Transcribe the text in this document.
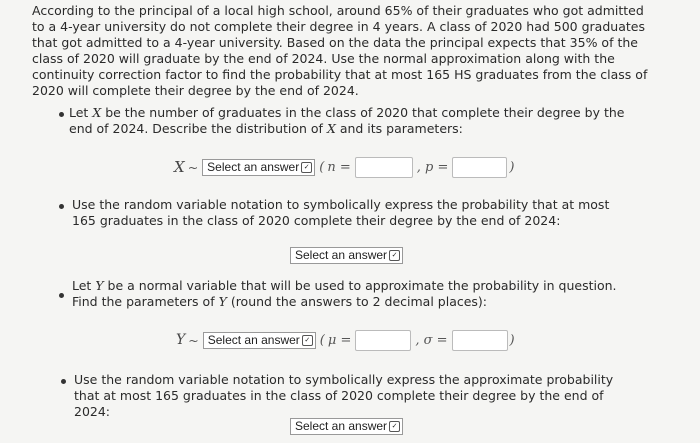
According to the principal of a local high school, around 65% of their graduates who got admitted to a 4-year university do not complete their degree in 4 years. A class of 2020 had 500 graduates that got admitted to a 4-year university. Based on the data the principal expects that 35% of the class of 2020 will graduate by the end of 2024. Use the normal approximation along with the continuity correction factor to find the probability that at most 165 HS graduates from the class of 2020 will complete their degree by the end of 2024.
Let X be the number of graduates in the class of 2020 that complete their degree by the end of 2024. Describe the distribution of X and its parameters:
X ~ Select an answer ✓ ( n =	, p =	)
Use the random variable notation to symbolically express the probability that at most 165 graduates in the class of 2020 complete their degree by the end of 2024:
Select an answer ✓
Let Y be a normal variable that will be used to approximate the probability in question. Find the parameters of Y (round the answers to 2 decimal places):
Y ~ Select an answer ✓ ( μ =	, σ =	)
Use the random variable notation to symbolically express the approximate probability that at most 165 graduates in the class of 2020 complete their degree by the end of 2024:
Select an answer ✓
